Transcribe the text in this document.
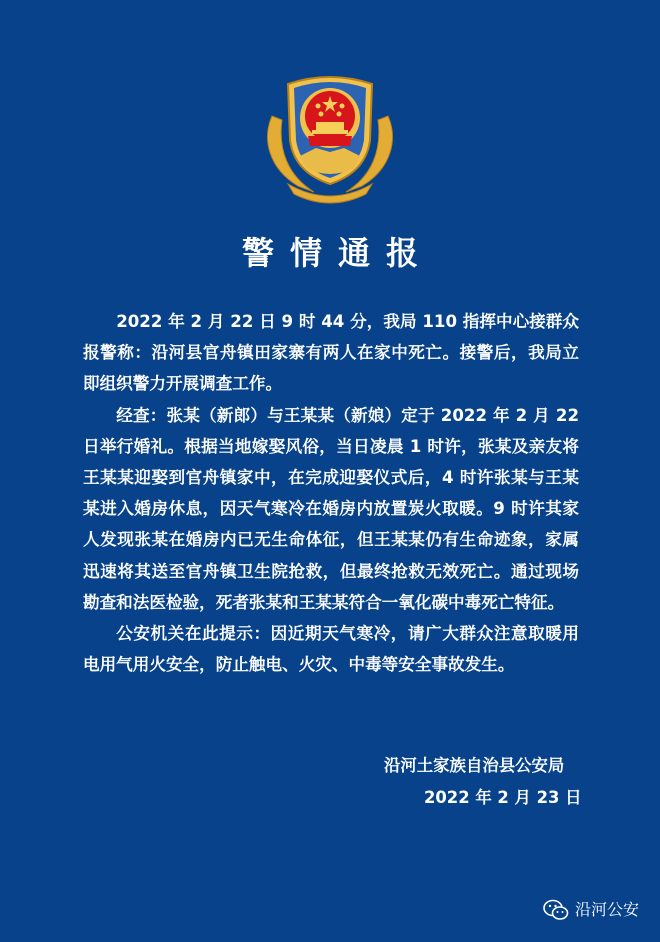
警情通报

2022 年 2 月 22 日 9 时 44 分，我局 110 指挥中心接群众报警称：沿河县官舟镇田家寨有两人在家中死亡。接警后，我局立即组织警力开展调查工作。

经查：张某（新郎）与王某某（新娘）定于 2022 年 2 月 22 日举行婚礼。根据当地嫁娶风俗，当日凌晨 1 时许，张某及亲友将王某某迎娶到官舟镇家中，在完成迎娶仪式后，4 时许张某与王某某进入婚房休息，因天气寒冷在婚房内放置炭火取暖。9 时许其家人发现张某在婚房内已无生命体征，但王某某仍有生命迹象，家属迅速将其送至官舟镇卫生院抢救，但最终抢救无效死亡。通过现场勘查和法医检验，死者张某和王某某符合一氧化碳中毒死亡特征。

公安机关在此提示：因近期天气寒冷，请广大群众注意取暖用电用气用火安全，防止触电、火灾、中毒等安全事故发生。

沿河土家族自治县公安局
2022 年 2 月 23 日
沿河公安
